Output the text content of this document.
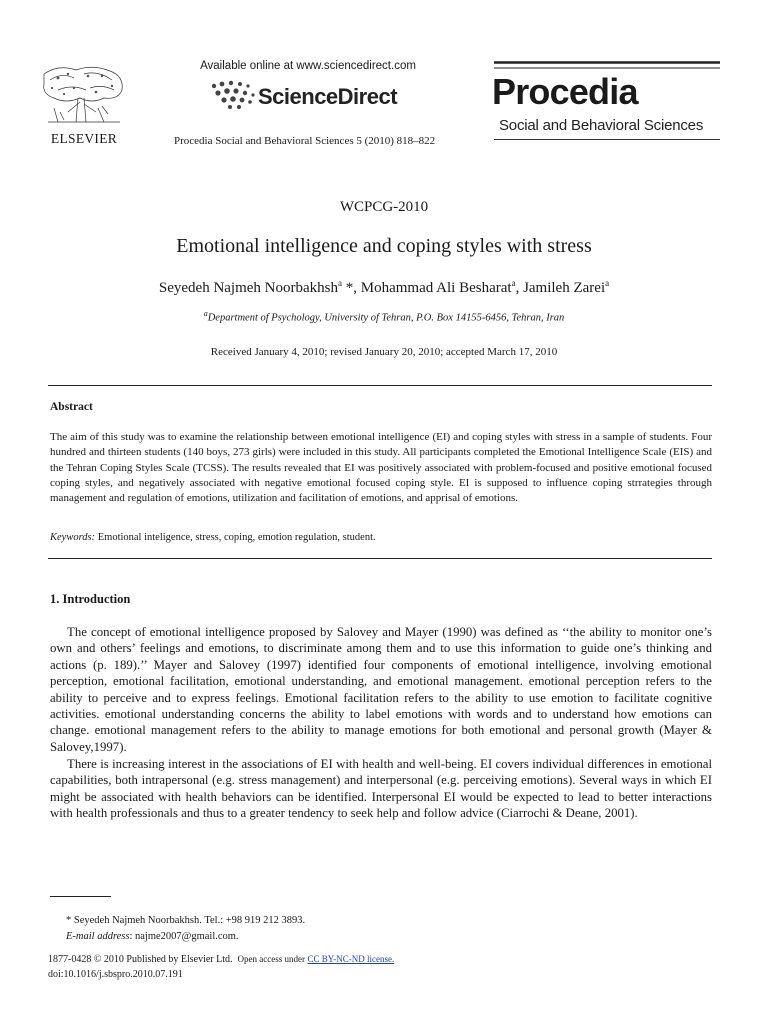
ELSEVIER
Available online at www.sciencedirect.com
ScienceDirect
Procedia Social and Behavioral Sciences 5 (2010) 818–822
Procedia
Social and Behavioral Sciences
WCPCG-2010
Emotional intelligence and coping styles with stress
Seyedeh Najmeh Noorbakhsh$^a$ *, Mohammad Ali Besharat$^a$, Jamileh Zarei$^a$
$^a$Department of Psychology, University of Tehran, P.O. Box 14155-6456, Tehran, Iran
Received January 4, 2010; revised January 20, 2010; accepted March 17, 2010
Abstract
The aim of this study was to examine the relationship between emotional intelligence (EI) and coping styles with stress in a sample of students. Four hundred and thirteen students (140 boys, 273 girls) were included in this study. All participants completed the Emotional Intelligence Scale (EIS) and the Tehran Coping Styles Scale (TCSS). The results revealed that EI was positively associated with problem-focused and positive emotional focused coping styles, and negatively associated with negative emotional focused coping style. EI is supposed to influence coping strrategies through management and regulation of emotions, utilization and facilitation of emotions, and apprisal of emotions.
Keywords: Emotional inteligence, stress, coping, emotion regulation, student.
1. Introduction
The concept of emotional intelligence proposed by Salovey and Mayer (1990) was defined as ‘‘the ability to monitor one’s own and others’ feelings and emotions, to discriminate among them and to use this information to guide one’s thinking and actions (p. 189).’’ Mayer and Salovey (1997) identified four components of emotional intelligence, involving emotional perception, emotional facilitation, emotional understanding, and emotional management. emotional perception refers to the ability to perceive and to express feelings. Emotional facilitation refers to the ability to use emotion to facilitate cognitive activities. emotional understanding concerns the ability to label emotions with words and to understand how emotions can change. emotional management refers to the ability to manage emotions for both emotional and personal growth (Mayer & Salovey,1997).
There is increasing interest in the associations of EI with health and well-being. EI covers individual differences in emotional capabilities, both intrapersonal (e.g. stress management) and interpersonal (e.g. perceiving emotions). Several ways in which EI might be associated with health behaviors can be identified. Interpersonal EI would be expected to lead to better interactions with health professionals and thus to a greater tendency to seek help and follow advice (Ciarrochi & Deane, 2001).
* Seyedeh Najmeh Noorbakhsh. Tel.: +98 919 212 3893.
E-mail address: najme2007@gmail.com.
1877-0428 © 2010 Published by Elsevier Ltd. Open access under CC BY-NC-ND license.
doi:10.1016/j.sbspro.2010.07.191
